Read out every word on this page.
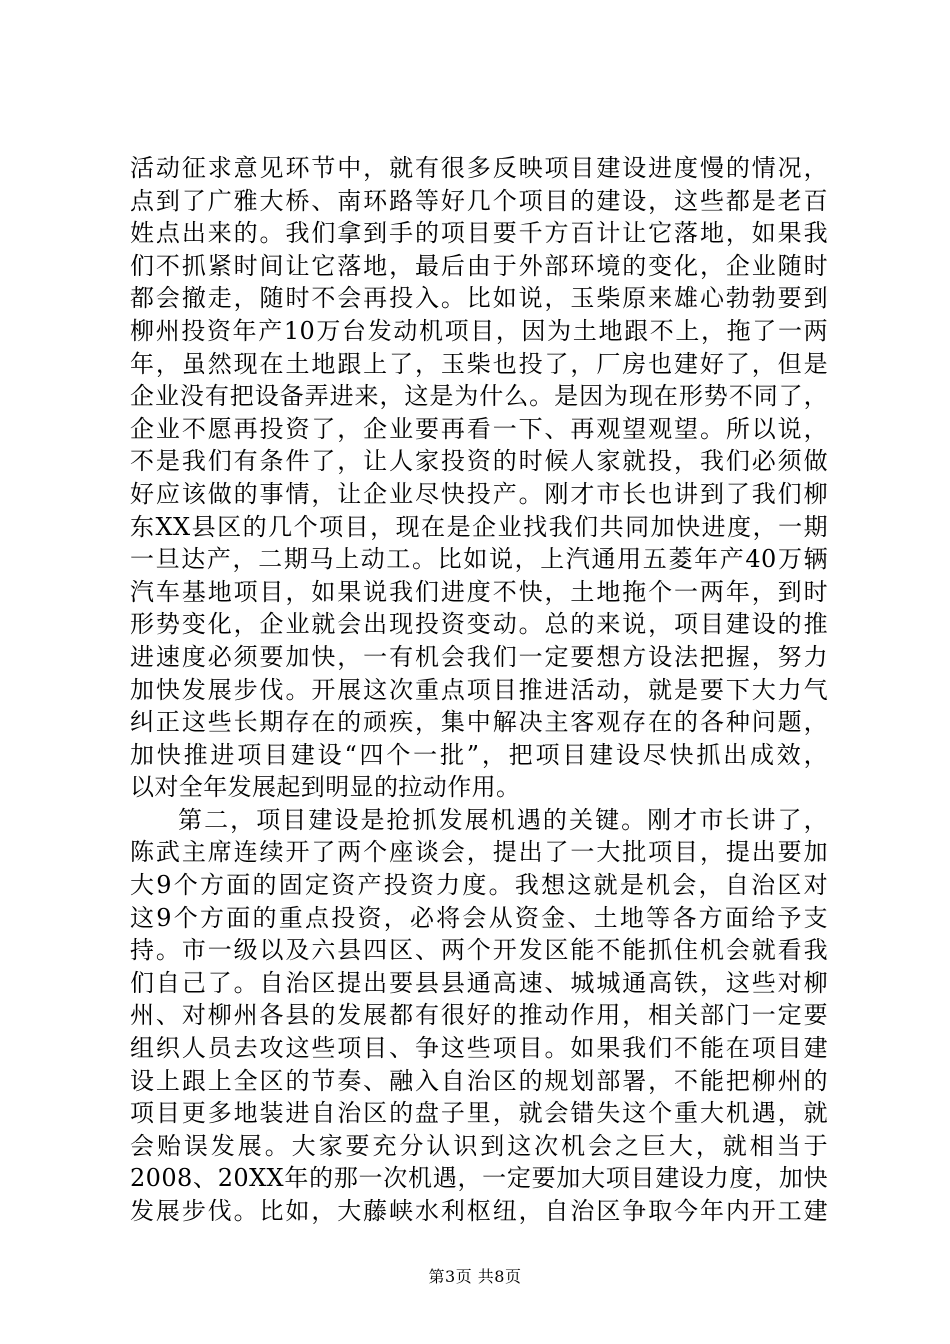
活动征求意见环节中，就有很多反映项目建设进度慢的情况，
点到了广雅大桥、南环路等好几个项目的建设，这些都是老百
姓点出来的。我们拿到手的项目要千方百计让它落地，如果我
们不抓紧时间让它落地，最后由于外部环境的变化，企业随时
都会撤走，随时不会再投入。比如说，玉柴原来雄心勃勃要到
柳州投资年产10万台发动机项目，因为土地跟不上，拖了一两
年，虽然现在土地跟上了，玉柴也投了，厂房也建好了，但是
企业没有把设备弄进来，这是为什么。是因为现在形势不同了，
企业不愿再投资了，企业要再看一下、再观望观望。所以说，
不是我们有条件了，让人家投资的时候人家就投，我们必须做
好应该做的事情，让企业尽快投产。刚才市长也讲到了我们柳
东XX县区的几个项目，现在是企业找我们共同加快进度，一期
一旦达产，二期马上动工。比如说，上汽通用五菱年产40万辆
汽车基地项目，如果说我们进度不快，土地拖个一两年，到时
形势变化，企业就会出现投资变动。总的来说，项目建设的推
进速度必须要加快，一有机会我们一定要想方设法把握，努力
加快发展步伐。开展这次重点项目推进活动，就是要下大力气
纠正这些长期存在的顽疾，集中解决主客观存在的各种问题，
加快推进项目建设“四个一批”，把项目建设尽快抓出成效，
以对全年发展起到明显的拉动作用。
第二，项目建设是抢抓发展机遇的关键。刚才市长讲了，
陈武主席连续开了两个座谈会，提出了一大批项目，提出要加
大9个方面的固定资产投资力度。我想这就是机会，自治区对
这9个方面的重点投资，必将会从资金、土地等各方面给予支
持。市一级以及六县四区、两个开发区能不能抓住机会就看我
们自己了。自治区提出要县县通高速、城城通高铁，这些对柳
州、对柳州各县的发展都有很好的推动作用，相关部门一定要
组织人员去攻这些项目、争这些项目。如果我们不能在项目建
设上跟上全区的节奏、融入自治区的规划部署，不能把柳州的
项目更多地装进自治区的盘子里，就会错失这个重大机遇，就
会贻误发展。大家要充分认识到这次机会之巨大，就相当于
2008、20XX年的那一次机遇，一定要加大项目建设力度，加快
发展步伐。比如，大藤峡水利枢纽，自治区争取今年内开工建
第3页 共8页
